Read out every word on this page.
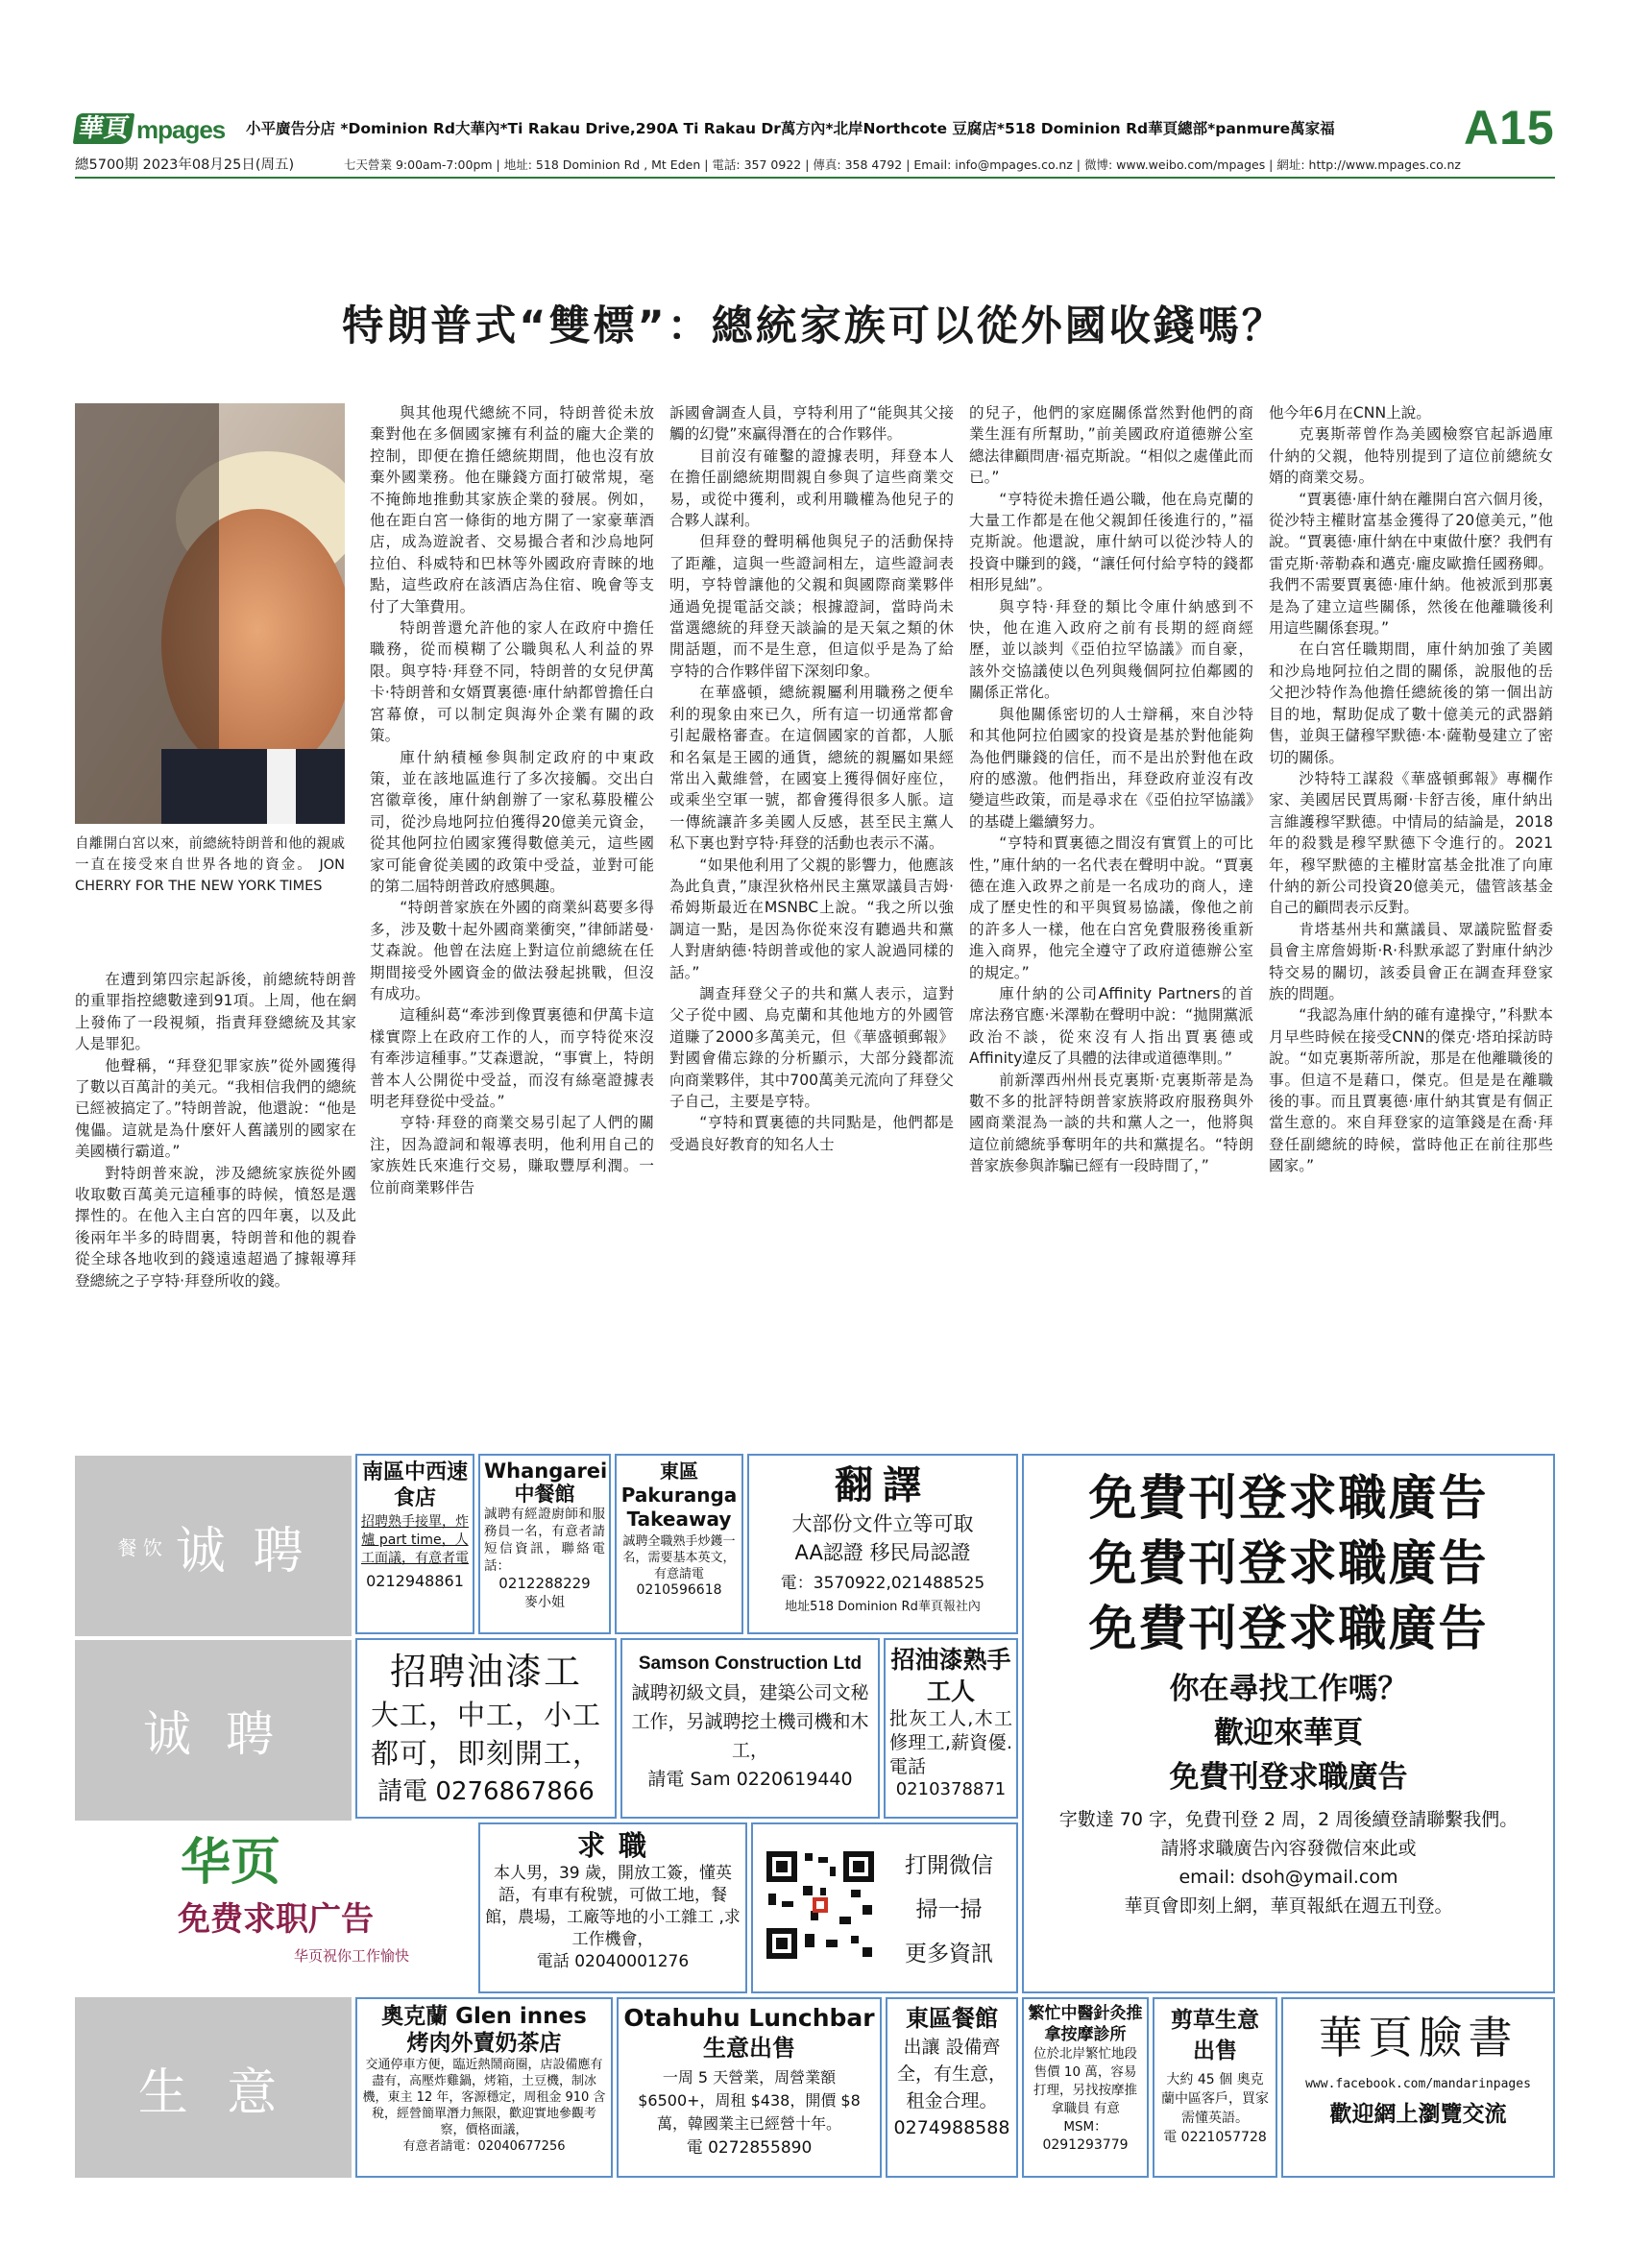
華頁 mpages 小平廣告分店 *Dominion Rd大華內*Ti Rakau Drive,290A Ti Rakau Dr萬方內*北岸Northcote 豆腐店*518 Dominion Rd華頁總部*panmure萬家福	A15
總5700期 2023年08月25日(周五)	七天營業 9:00am-7:00pm | 地址: 518 Dominion Rd , Mt Eden | 電話: 357 0922 | 傳真: 358 4792 | Email: info@mpages.co.nz | 微博: www.weibo.com/mpages | 網址: http://www.mpages.co.nz
特朗普式“雙標”：總統家族可以從外國收錢嗎？
自離開白宮以來，前總統特朗普和他的親戚一直在接受來自世界各地的資金。 JON CHERRY FOR THE NEW YORK TIMES

在遭到第四宗起訴後，前總統特朗普的重罪指控總數達到91項。上周，他在網上發佈了一段視頻，指責拜登總統及其家人是罪犯。

他聲稱，“拜登犯罪家族”從外國獲得了數以百萬計的美元。“我相信我們的總統已經被搞定了。”特朗普說，他還說：“他是傀儡。這就是為什麼奸人舊議別的國家在美國橫行霸道。”

對特朗普來說，涉及總統家族從外國收取數百萬美元這種事的時候，憤怒是選擇性的。在他入主白宮的四年裏，以及此後兩年半多的時間裏，特朗普和他的親眷從全球各地收到的錢遠遠超過了據報導拜登總統之子亨特·拜登所收的錢。

與其他現代總統不同，特朗普從未放棄對他在多個國家擁有利益的龐大企業的控制，即便在擔任總統期間，他也沒有放棄外國業務。他在賺錢方面打破常規，毫不掩飾地推動其家族企業的發展。例如，他在距白宮一條街的地方開了一家豪華酒店，成為遊說者、交易撮合者和沙烏地阿拉伯、科威特和巴林等外國政府青睞的地點，這些政府在該酒店為住宿、晚會等支付了大筆費用。

特朗普還允許他的家人在政府中擔任職務，從而模糊了公職與私人利益的界限。與亨特·拜登不同，特朗普的女兒伊萬卡·特朗普和女婿賈裏德·庫什納都曾擔任白宮幕僚，可以制定與海外企業有關的政策。

庫什納積極參與制定政府的中東政策，並在該地區進行了多次接觸。交出白宮徽章後，庫什納創辦了一家私募股權公司，從沙烏地阿拉伯獲得20億美元資金，從其他阿拉伯國家獲得數億美元，這些國家可能會從美國的政策中受益，並對可能的第二屆特朗普政府感興趣。

“特朗普家族在外國的商業糾葛要多得多，涉及數十起外國商業衝突，”律師諾曼·艾森說。他曾在法庭上對這位前總統在任期間接受外國資金的做法發起挑戰，但沒有成功。

這種糾葛“牽涉到像賈裏德和伊萬卡這樣實際上在政府工作的人，而亨特從來沒有牽涉這種事。”艾森還說，“事實上，特朗普本人公開從中受益，而沒有絲毫證據表明老拜登從中受益。”

亨特·拜登的商業交易引起了人們的關注，因為證詞和報導表明，他利用自己的家族姓氏來進行交易，賺取豐厚利潤。一位前商業夥伴告

訴國會調查人員，亨特利用了“能與其父接觸的幻覺”來贏得潛在的合作夥伴。

目前沒有確鑿的證據表明，拜登本人在擔任副總統期間親自參與了這些商業交易，或從中獲利，或利用職權為他兒子的合夥人謀利。

但拜登的聲明稱他與兒子的活動保持了距離，這與一些證詞相左，這些證詞表明，亨特曾讓他的父親和與國際商業夥伴通過免提電話交談；根據證詞，當時尚未當選總統的拜登天談論的是天氣之類的休閒話題，而不是生意，但這似乎是為了給亨特的合作夥伴留下深刻印象。

在華盛頓，總統親屬利用職務之便牟利的現象由來已久，所有這一切通常都會引起嚴格審查。在這個國家的首都，人脈和名氣是王國的通貨，總統的親屬如果經常出入戴維營，在國宴上獲得個好座位，或乘坐空軍一號，都會獲得很多人脈。這一傳統讓許多美國人反感，甚至民主黨人私下裏也對亨特·拜登的活動也表示不滿。

“如果他利用了父親的影響力，他應該為此負責，”康涅狄格州民主黨眾議員吉姆·希姆斯最近在MSNBC上說。“我之所以強調這一點，是因為你從來沒有聽過共和黨人對唐納德·特朗普或他的家人說過同樣的話。”

調查拜登父子的共和黨人表示，這對父子從中國、烏克蘭和其他地方的外國管道賺了2000多萬美元，但《華盛頓郵報》對國會備忘錄的分析顯示，大部分錢都流向商業夥伴，其中700萬美元流向了拜登父子自己，主要是亨特。

“亨特和賈裏德的共同點是，他們都是受過良好教育的知名人士

的兒子，他們的家庭關係當然對他們的商業生涯有所幫助，”前美國政府道德辦公室總法律顧問唐·福克斯說。“相似之處僅此而已。”

“亨特從未擔任過公職，他在烏克蘭的大量工作都是在他父親卸任後進行的，”福克斯說。他還說，庫什納可以從沙特人的投資中賺到的錢，“讓任何付給亨特的錢都相形見絀”。

與亨特·拜登的類比令庫什納感到不快，他在進入政府之前有長期的經商經歷，並以談判《亞伯拉罕協議》而自豪，該外交協議使以色列與幾個阿拉伯鄰國的關係正常化。

與他關係密切的人士辯稱，來自沙特和其他阿拉伯國家的投資是基於對他能夠為他們賺錢的信任，而不是出於對他在政府的感激。他們指出，拜登政府並沒有改變這些政策，而是尋求在《亞伯拉罕協議》的基礎上繼續努力。

“亨特和賈裏德之間沒有實質上的可比性，”庫什納的一名代表在聲明中說。“賈裏德在進入政界之前是一名成功的商人，達成了歷史性的和平與貿易協議，像他之前的許多人一樣，他在白宮免費服務後重新進入商界，他完全遵守了政府道德辦公室的規定。”

庫什納的公司Affinity Partners的首席法務官應·米澤勒在聲明中說：“拋開黨派政治不談，從來沒有人指出賈裏德或Affinity違反了具體的法律或道德準則。”

前新澤西州州長克裏斯·克裏斯蒂是為數不多的批評特朗普家族將政府服務與外國商業混為一談的共和黨人之一，他將與這位前總統爭奪明年的共和黨提名。“特朗普家族參與詐騙已經有一段時間了，”

他今年6月在CNN上說。

克裏斯蒂曾作為美國檢察官起訴過庫什納的父親，他特別提到了這位前總統女婿的商業交易。

“賈裏德·庫什納在離開白宮六個月後，從沙特主權財富基金獲得了20億美元，”他說。“賈裏德·庫什納在中東做什麼？我們有雷克斯·蒂勒森和邁克·龐皮歐擔任國務卿。我們不需要賈裏德·庫什納。他被派到那裏是為了建立這些關係，然後在他離職後利用這些關係套現。”

在白宮任職期間，庫什納加強了美國和沙烏地阿拉伯之間的關係，說服他的岳父把沙特作為他擔任總統後的第一個出訪目的地，幫助促成了數十億美元的武器銷售，並與王儲穆罕默德·本·薩勒曼建立了密切的關係。

沙特特工謀殺《華盛頓郵報》專欄作家、美國居民賈馬爾·卡舒吉後，庫什納出言維護穆罕默德。中情局的結論是，2018年的殺戮是穆罕默德下令進行的。2021年，穆罕默德的主權財富基金批准了向庫什納的新公司投資20億美元，儘管該基金自己的顧問表示反對。

肯塔基州共和黨議員、眾議院監督委員會主席詹姆斯·R·科默承認了對庫什納沙特交易的關切，該委員會正在調查拜登家族的問題。

“我認為庫什納的確有違操守，”科默本月早些時候在接受CNN的傑克·塔珀採訪時說。“如克裏斯蒂所說，那是在他離職後的事。但這不是藉口，傑克。但是是在離職後的事。而且賈裏德·庫什納其實是有個正當生意的。來自拜登家的這筆錢是在喬·拜登任副總統的時候，當時他正在前往那些國家。”

餐 饮 诚 聘
诚 聘
生 意
南區中西速食店
招聘熟手接單，炸爐 part time，人工面議，有意者電
0212948861
Whangarei 中餐館
誠聘有經證廚師和服務員一名，有意者請短信資訊，聯絡電話：
0212288229
麥小姐
東區 Pakuranga Takeaway
誠聘全職熟手炒鑊一名，需要基本英文，有意請電
0210596618
翻譯
大部份文件立等可取
AA認證 移民局認證
電：3570922,021488525
地址518 Dominion Rd華頁報社內
免費刊登求職廣告
免費刊登求職廣告
免費刊登求職廣告
你在尋找工作嗎？
歡迎來華頁
免費刊登求職廣告
字數達 70 字，免費刊登 2 周，2 周後續登請聯繫我們。
請將求職廣告內容發微信來此或
email: dsoh@ymail.com
華頁會即刻上網，華頁報紙在週五刊登。
招聘油漆工
大工，中工，小工
都可，即刻開工，
請電 0276867866
Samson Construction Ltd
誠聘初級文員，建築公司文秘工作，另誠聘挖土機司機和木工，
請電 Sam 0220619440
招油漆熟手工人
批灰工人,木工修理工,薪資優.電話
0210378871
华页
免费求职广告
华页祝你工作愉快
求 職
本人男，39 歲，開放工簽，懂英語，有車有稅號，可做工地，餐館，農場，工廠等地的小工雜工 ,求工作機會，
電話 02040001276
打開微信
掃一掃
更多資訊
奧克蘭 Glen innes
烤肉外賣奶茶店
交通停車方便，臨近熱鬧商圈，店設備應有盡有，高壓炸雞鍋，烤箱，土豆機，制冰機，東主 12 年，客源穩定，周租金 910 含稅，經營簡單潛力無限，歡迎實地參觀考察，價格面議，
有意者請電：02040677256
Otahuhu Lunchbar
生意出售
一周 5 天營業，周營業額 $6500+，周租 $438，開價 $8 萬，韓國業主已經營十年。
電 0272855890
東區餐館
出讓 設備齊全，有生意，租金合理。
0274988588
繁忙中醫針灸推拿按摩診所
位於北岸繁忙地段 售價 10 萬，容易打理，另找按摩推拿職員 有意 MSM：
0291293779
剪草生意出售
大約 45 個 奧克蘭中區客戶，買家需懂英語。
電 0221057728
華頁臉書
www.facebook.com/mandarinpages
歡迎網上瀏覽交流
